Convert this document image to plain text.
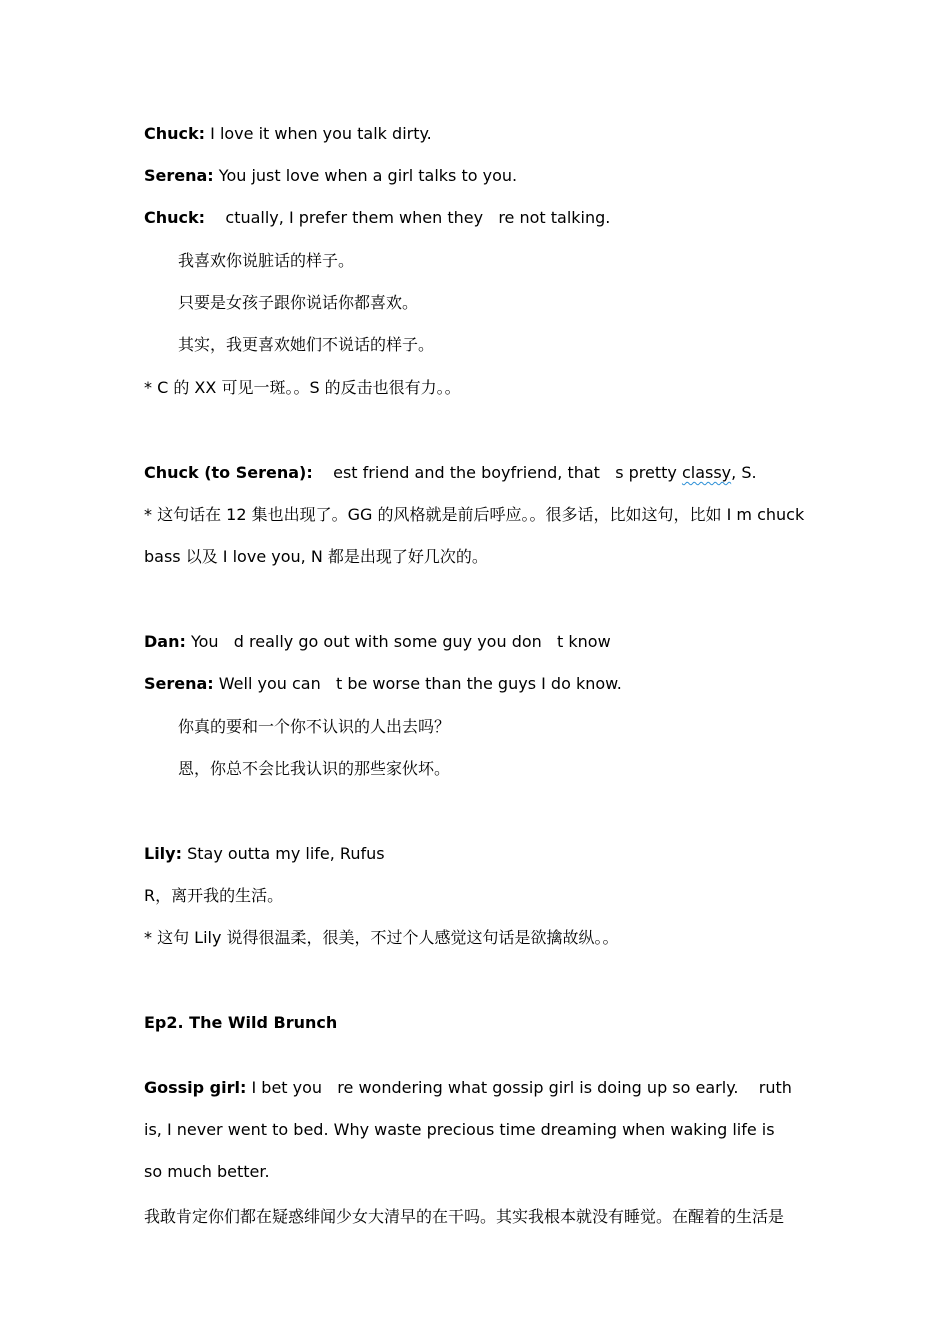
Chuck: I love it when you talk dirty.
Serena: You just love when a girl talks to you.
Chuck:    ctually, I prefer them when they   re not talking.
我喜欢你说脏话的样子。
只要是女孩子跟你说话你都喜欢。
其实，我更喜欢她们不说话的样子。
* C 的 XX 可见一斑。。S 的反击也很有力。。
Chuck (to Serena):    est friend and the boyfriend, that   s pretty classy, S.
* 这句话在 12 集也出现了。GG 的风格就是前后呼应。。很多话，比如这句，比如 I m chuck
bass 以及 I love you, N 都是出现了好几次的。
Dan: You   d really go out with some guy you don   t know
Serena: Well you can   t be worse than the guys I do know.
你真的要和一个你不认识的人出去吗？
恩，你总不会比我认识的那些家伙坏。
Lily: Stay outta my life, Rufus
R，离开我的生活。
* 这句 Lily 说得很温柔，很美，不过个人感觉这句话是欲擒故纵。。
Ep2. The Wild Brunch
Gossip girl: I bet you   re wondering what gossip girl is doing up so early.    ruth
is, I never went to bed. Why waste precious time dreaming when waking life is
so much better.
我敢肯定你们都在疑惑绯闻少女大清早的在干吗。其实我根本就没有睡觉。在醒着的生活是
